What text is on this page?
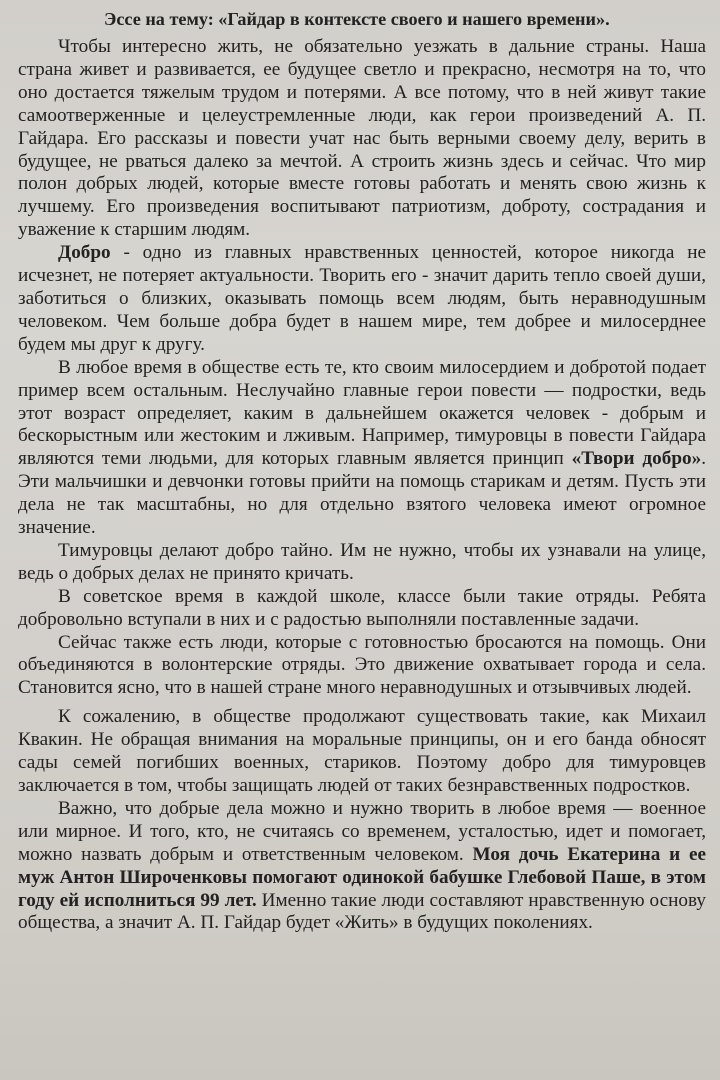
Эссе на тему: «Гайдар в контексте своего и нашего времени».

Чтобы интересно жить, не обязательно уезжать в дальние страны. Наша страна живет и развивается, ее будущее светло и прекрасно, несмотря на то, что оно достается тяжелым трудом и потерями. А все потому, что в ней живут такие самоотверженные и целеустремленные люди, как герои произведений А. П. Гайдара. Его рассказы и повести учат нас быть верными своему делу, верить в будущее, не рваться далеко за мечтой. А строить жизнь здесь и сейчас. Что мир полон добрых людей, которые вместе готовы работать и менять свою жизнь к лучшему. Его произведения воспитывают патриотизм, доброту, сострадания и уважение к старшим людям.

Добро - одно из главных нравственных ценностей, которое никогда не исчезнет, не потеряет актуальности. Творить его - значит дарить тепло своей души, заботиться о близких, оказывать помощь всем людям, быть неравнодушным человеком. Чем больше добра будет в нашем мире, тем добрее и милосерднее будем мы друг к другу.

В любое время в обществе есть те, кто своим милосердием и добротой подает пример всем остальным. Неслучайно главные герои повести — подростки, ведь этот возраст определяет, каким в дальнейшем окажется человек - добрым и бескорыстным или жестоким и лживым. Например, тимуровцы в повести Гайдара являются теми людьми, для которых главным является принцип «Твори добро». Эти мальчишки и девчонки готовы прийти на помощь старикам и детям. Пусть эти дела не так масштабны, но для отдельно взятого человека имеют огромное значение.

Тимуровцы делают добро тайно. Им не нужно, чтобы их узнавали на улице, ведь о добрых делах не принято кричать.

В советское время в каждой школе, классе были такие отряды. Ребята добровольно вступали в них и с радостью выполняли поставленные задачи.

Сейчас также есть люди, которые с готовностью бросаются на помощь. Они объединяются в волонтерские отряды. Это движение охватывает города и села. Становится ясно, что в нашей стране много неравнодушных и отзывчивых людей.

К сожалению, в обществе продолжают существовать такие, как Михаил Квакин. Не обращая внимания на моральные принципы, он и его банда обносят сады семей погибших военных, стариков. Поэтому добро для тимуровцев заключается в том, чтобы защищать людей от таких безнравственных подростков.

Важно, что добрые дела можно и нужно творить в любое время — военное или мирное. И того, кто, не считаясь со временем, усталостью, идет и помогает, можно назвать добрым и ответственным человеком. Моя дочь Екатерина и ее муж Антон Широченковы помогают одинокой бабушке Глебовой Паше, в этом году ей исполниться 99 лет. Именно такие люди составляют нравственную основу общества, а значит А. П. Гайдар будет «Жить» в будущих поколениях.
